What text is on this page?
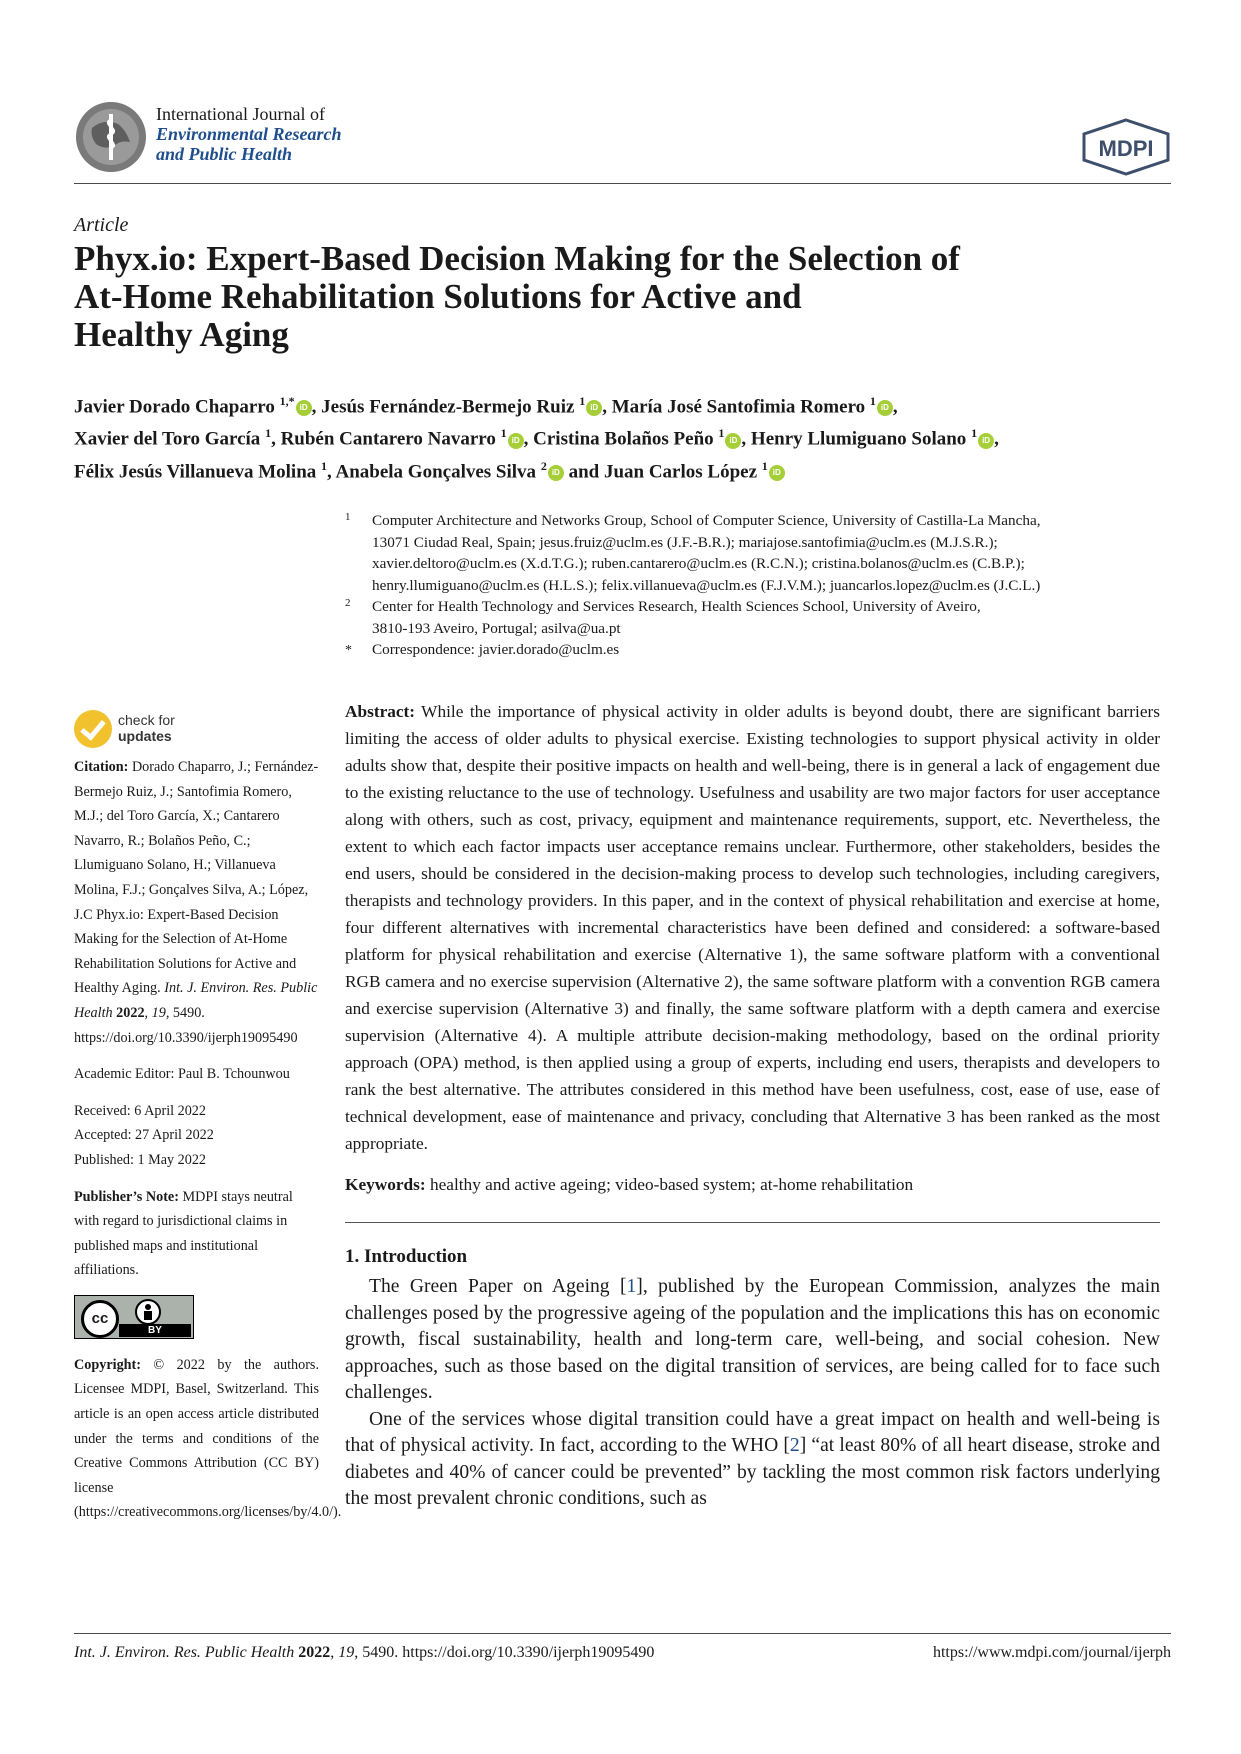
International Journal of
Environmental Research
and Public Health	MDPI
Article
Phyx.io: Expert-Based Decision Making for the Selection of
At-Home Rehabilitation Solutions for Active and
Healthy Aging
Javier Dorado Chaparro $^{1,*}$ iD , Jesús Fernández-Bermejo Ruiz $^1$ iD , María José Santofimia Romero $^1$ iD ,
Xavier del Toro García $^1$, Rubén Cantarero Navarro $^1$ iD , Cristina Bolaños Peño $^1$ iD , Henry Llumiguano Solano $^1$ iD ,
Félix Jesús Villanueva Molina $^1$, Anabela Gonçalves Silva $^2$ iD and Juan Carlos López $^1$ iD
1 Computer Architecture and Networks Group, School of Computer Science, University of Castilla-La Mancha,
13071 Ciudad Real, Spain; jesus.fruiz@uclm.es (J.F.-B.R.); mariajose.santofimia@uclm.es (M.J.S.R.);
xavier.deltoro@uclm.es (X.d.T.G.); ruben.cantarero@uclm.es (R.C.N.); cristina.bolanos@uclm.es (C.B.P.);
henry.llumiguano@uclm.es (H.L.S.); felix.villanueva@uclm.es (F.J.V.M.); juancarlos.lopez@uclm.es (J.C.L.)
2 Center for Health Technology and Services Research, Health Sciences School, University of Aveiro,
3810-193 Aveiro, Portugal; asilva@ua.pt
* Correspondence: javier.dorado@uclm.es
check for
updates

Citation: Dorado Chaparro, J.; Fernández-Bermejo Ruiz, J.; Santofimia Romero, M.J.; del Toro García, X.; Cantarero Navarro, R.; Bolaños Peño, C.; Llumiguano Solano, H.; Villanueva Molina, F.J.; Gonçalves Silva, A.; López, J.C Phyx.io: Expert-Based Decision Making for the Selection of At-Home Rehabilitation Solutions for Active and Healthy Aging. Int. J. Environ. Res. Public Health 2022, 19, 5490. https://doi.org/10.3390/ijerph19095490

Academic Editor: Paul B. Tchounwou

Received: 6 April 2022
Accepted: 27 April 2022
Published: 1 May 2022

Publisher’s Note: MDPI stays neutral with regard to jurisdictional claims in published maps and institutional affiliations.

cc
BY

Copyright: © 2022 by the authors. Licensee MDPI, Basel, Switzerland. This article is an open access article distributed under the terms and conditions of the Creative Commons Attribution (CC BY) license (https://creativecommons.org/licenses/by/4.0/).

Abstract: While the importance of physical activity in older adults is beyond doubt, there are significant barriers limiting the access of older adults to physical exercise. Existing technologies to support physical activity in older adults show that, despite their positive impacts on health and well-being, there is in general a lack of engagement due to the existing reluctance to the use of technology. Usefulness and usability are two major factors for user acceptance along with others, such as cost, privacy, equipment and maintenance requirements, support, etc. Nevertheless, the extent to which each factor impacts user acceptance remains unclear. Furthermore, other stakeholders, besides the end users, should be considered in the decision-making process to develop such technologies, including caregivers, therapists and technology providers. In this paper, and in the context of physical rehabilitation and exercise at home, four different alternatives with incremental characteristics have been defined and considered: a software-based platform for physical rehabilitation and exercise (Alternative 1), the same software platform with a conventional RGB camera and no exercise supervision (Alternative 2), the same software platform with a convention RGB camera and exercise supervision (Alternative 3) and finally, the same software platform with a depth camera and exercise supervision (Alternative 4). A multiple attribute decision-making methodology, based on the ordinal priority approach (OPA) method, is then applied using a group of experts, including end users, therapists and developers to rank the best alternative. The attributes considered in this method have been usefulness, cost, ease of use, ease of technical development, ease of maintenance and privacy, concluding that Alternative 3 has been ranked as the most appropriate.

Keywords: healthy and active ageing; video-based system; at-home rehabilitation

1. Introduction

The Green Paper on Ageing [1], published by the European Commission, analyzes the main challenges posed by the progressive ageing of the population and the implications this has on economic growth, fiscal sustainability, health and long-term care, well-being, and social cohesion. New approaches, such as those based on the digital transition of services, are being called for to face such challenges.

One of the services whose digital transition could have a great impact on health and well-being is that of physical activity. In fact, according to the WHO [2] “at least 80% of all heart disease, stroke and diabetes and 40% of cancer could be prevented” by tackling the most common risk factors underlying the most prevalent chronic conditions, such as

Int. J. Environ. Res. Public Health 2022, 19, 5490. https://doi.org/10.3390/ijerph19095490	https://www.mdpi.com/journal/ijerph
